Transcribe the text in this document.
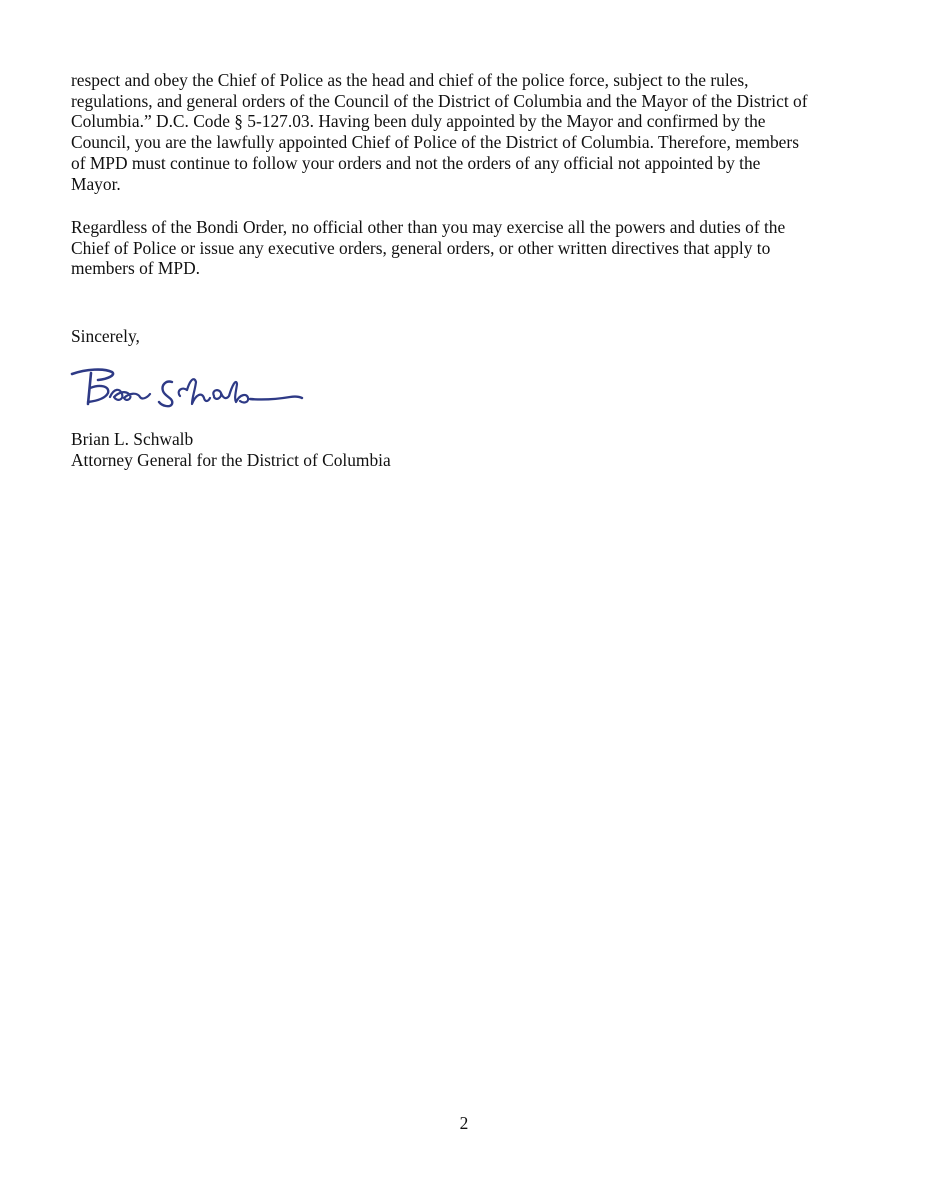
respect and obey the Chief of Police as the head and chief of the police force, subject to the rules,
regulations, and general orders of the Council of the District of Columbia and the Mayor of the District of
Columbia.” D.C. Code § 5-127.03. Having been duly appointed by the Mayor and confirmed by the
Council, you are the lawfully appointed Chief of Police of the District of Columbia. Therefore, members
of MPD must continue to follow your orders and not the orders of any official not appointed by the
Mayor.

Regardless of the Bondi Order, no official other than you may exercise all the powers and duties of the
Chief of Police or issue any executive orders, general orders, or other written directives that apply to
members of MPD.

Sincerely,
Brian L. Schwalb
Attorney General for the District of Columbia
2
